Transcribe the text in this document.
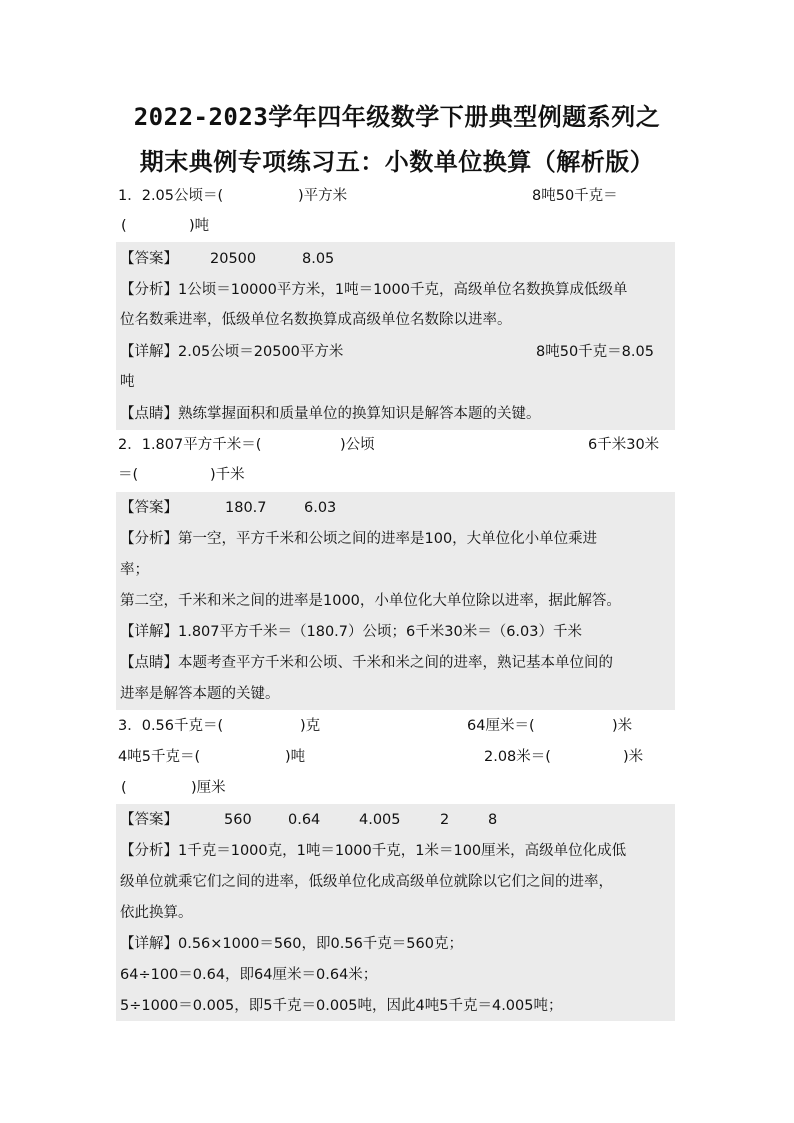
2022-2023学年四年级数学下册典型例题系列之
期末典例专项练习五：小数单位换算（解析版）
1．2.05公顷＝(	)平方米	8吨50千克＝
(	)吨
【答案】 20500	8.05
【分析】1公顷＝10000平方米，1吨＝1000千克，高级单位名数换算成低级单
位名数乘进率，低级单位名数换算成高级单位名数除以进率。
【详解】2.05公顷＝20500平方米	8吨50千克＝8.05
吨
【点睛】熟练掌握面积和质量单位的换算知识是解答本题的关键。
2．1.807平方千米＝(	)公顷	6千米30米
＝(	)千米
【答案】	180.7	6.03
【分析】第一空，平方千米和公顷之间的进率是100，大单位化小单位乘进
率；
第二空，千米和米之间的进率是1000，小单位化大单位除以进率，据此解答。
【详解】1.807平方千米＝（180.7）公顷；6千米30米＝（6.03）千米
【点睛】本题考查平方千米和公顷、千米和米之间的进率，熟记基本单位间的
进率是解答本题的关键。
3．0.56千克＝(	)克	64厘米＝(	)米
4吨5千克＝(	)吨	2.08米＝(	)米
(	)厘米
【答案】	560	0.64	4.005	2	8
【分析】1千克＝1000克，1吨＝1000千克，1米＝100厘米，高级单位化成低
级单位就乘它们之间的进率，低级单位化成高级单位就除以它们之间的进率，
依此换算。
【详解】0.56×1000＝560，即0.56千克＝560克；
64÷100＝0.64，即64厘米＝0.64米；
5÷1000＝0.005，即5千克＝0.005吨，因此4吨5千克＝4.005吨；
